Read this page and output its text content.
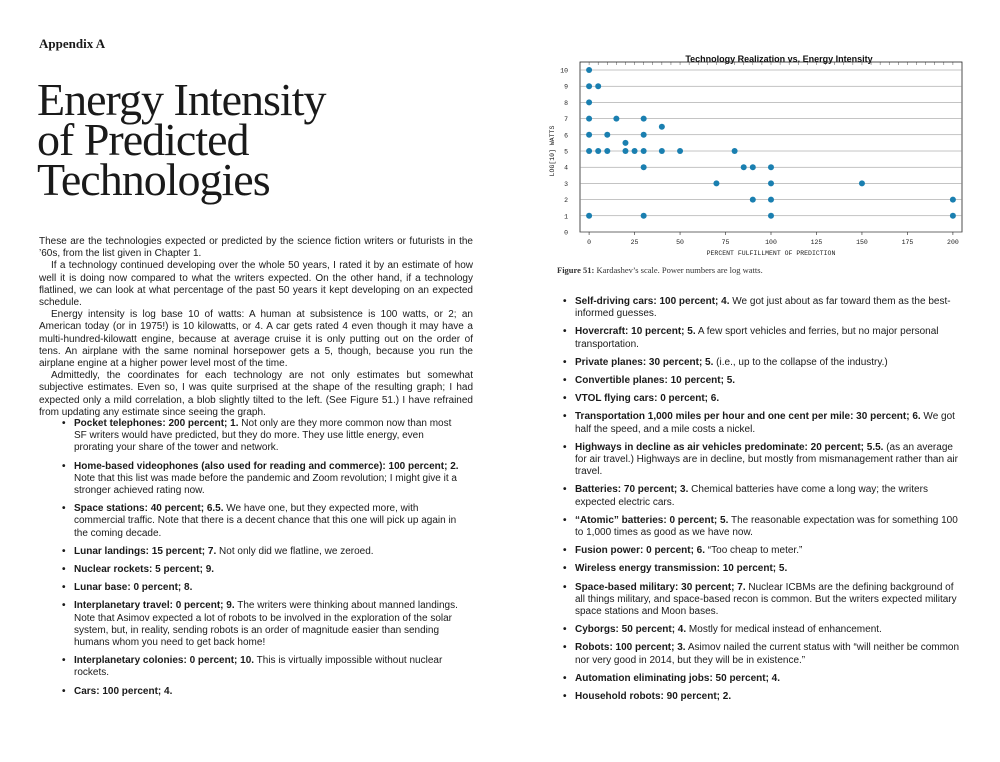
Appendix A
Energy Intensity
of Predicted
Technologies

These are the technologies expected or predicted by the science fiction writers or futurists in the ’60s, from the list given in Chapter 1.

If a technology continued developing over the whole 50 years, I rated it by an estimate of how well it is doing now compared to what the writers expected. On the other hand, if a technology flatlined, we can look at what percentage of the past 50 years it kept developing on an expected schedule.

Energy intensity is log base 10 of watts: A human at subsistence is 100 watts, or 2; an American today (or in 1975!) is 10 kilowatts, or 4. A car gets rated 4 even though it may have a multi-hundred-kilowatt engine, because at average cruise it is only putting out on the order of tens. An airplane with the same nominal horsepower gets a 5, though, because you run the airplane engine at a higher power level most of the time.

Admittedly, the coordinates for each technology are not only estimates but somewhat subjective estimates. Even so, I was quite surprised at the shape of the resulting graph; I had expected only a mild correlation, a blob slightly tilted to the left. (See Figure 51.) I have refrained from updating any estimate since seeing the graph.

• Pocket telephones: 200 percent; 1. Not only are they more common now than most SF writers would have predicted, but they do more. They use little energy, even prorating your share of the tower and network.
• Home-based videophones (also used for reading and commerce): 100 percent; 2. Note that this list was made before the pandemic and Zoom revolution; I might give it a stronger achieved rating now.
• Space stations: 40 percent; 6.5. We have one, but they expected more, with commercial traffic. Note that there is a decent chance that this one will pick up again in the coming decade.
• Lunar landings: 15 percent; 7. Not only did we flatline, we zeroed.
• Nuclear rockets: 5 percent; 9.
• Lunar base: 0 percent; 8.
• Interplanetary travel: 0 percent; 9. The writers were thinking about manned landings. Note that Asimov expected a lot of robots to be involved in the exploration of the solar system, but, in reality, sending robots is an order of magnitude easier than sending humans whom you need to get back home!
• Interplanetary colonies: 0 percent; 10. This is virtually impossible without nuclear rockets.
• Cars: 100 percent; 4.
Technology Realization vs. Energy Intensity
0
1
2
3
4
5
6
7
8
9
10
0	25	50	75	100	125	150	175	200
PERCENT FULFILLMENT OF PREDICTION
LOG[10] WATTS
Figure 51: Kardashev’s scale. Power numbers are log watts.
• Self-driving cars: 100 percent; 4. We got just about as far toward them as the best-informed guesses.
• Hovercraft: 10 percent; 5. A few sport vehicles and ferries, but no major personal transportation.
• Private planes: 30 percent; 5. (i.e., up to the collapse of the industry.)
• Convertible planes: 10 percent; 5.
• VTOL flying cars: 0 percent; 6.
• Transportation 1,000 miles per hour and one cent per mile: 30 percent; 6. We got half the speed, and a mile costs a nickel.
• Highways in decline as air vehicles predominate: 20 percent; 5.5. (as an average for air travel.) Highways are in decline, but mostly from mismanagement rather than air travel.
• Batteries: 70 percent; 3. Chemical batteries have come a long way; the writers expected electric cars.
• “Atomic” batteries: 0 percent; 5. The reasonable expectation was for something 100 to 1,000 times as good as we have now.
• Fusion power: 0 percent; 6. “Too cheap to meter.”
• Wireless energy transmission: 10 percent; 5.
• Space-based military: 30 percent; 7. Nuclear ICBMs are the defining background of all things military, and space-based recon is common. But the writers expected military space stations and Moon bases.
• Cyborgs: 50 percent; 4. Mostly for medical instead of enhancement.
• Robots: 100 percent; 3. Asimov nailed the current status with “will neither be common nor very good in 2014, but they will be in existence.”
• Automation eliminating jobs: 50 percent; 4.
• Household robots: 90 percent; 2.
